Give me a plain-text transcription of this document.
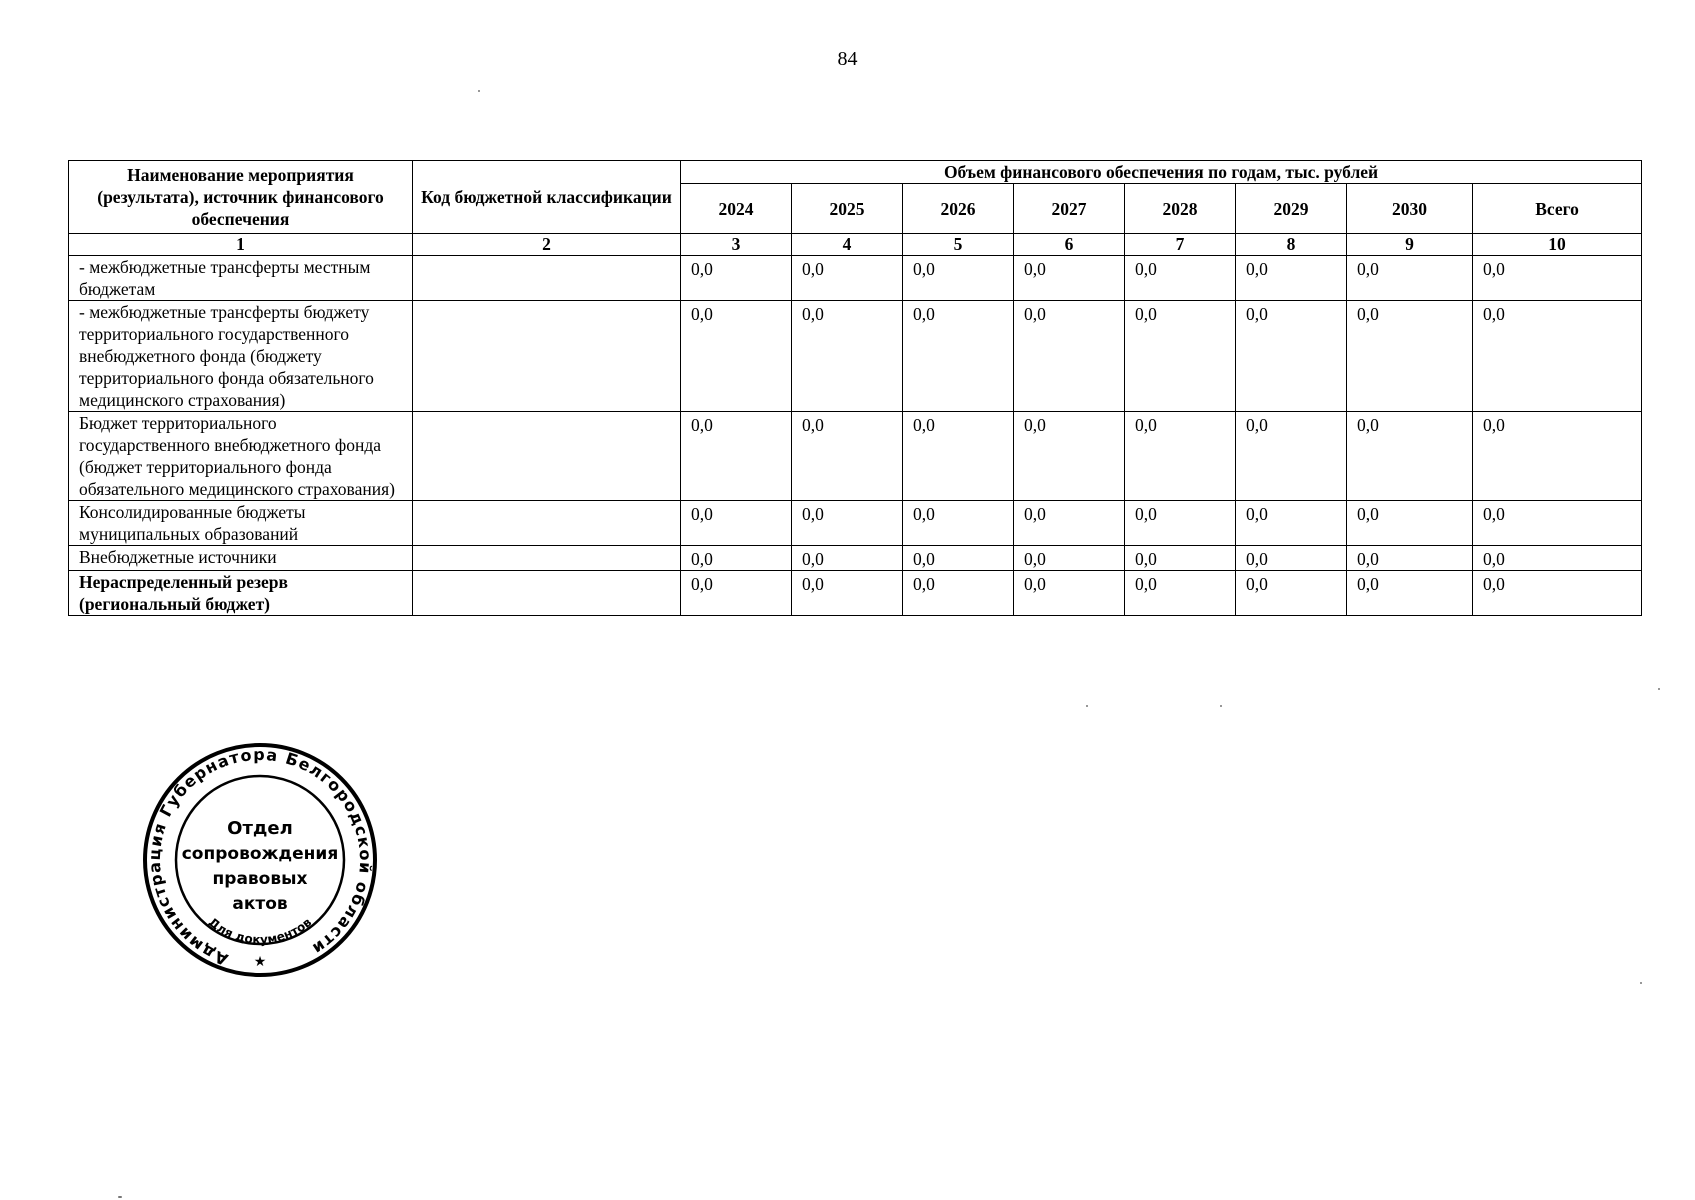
84
Наименование мероприятия (результата), источник финансового обеспечения	Код бюджетной классификации	Объем финансового обеспечения по годам, тыс. рублей							
		2024	2025	2026	2027	2028	2029	2030	Всего
1	2	3	4	5	6	7	8	9	10
- межбюджетные трансферты местным бюджетам		0,0	0,0	0,0	0,0	0,0	0,0	0,0	0,0
- межбюджетные трансферты бюджету территориального государственного внебюджетного фонда (бюджету территориального фонда обязательного медицинского страхования)		0,0	0,0	0,0	0,0	0,0	0,0	0,0	0,0
Бюджет территориального государственного внебюджетного фонда (бюджет территориального фонда обязательного медицинского страхования)		0,0	0,0	0,0	0,0	0,0	0,0	0,0	0,0
Консолидированные бюджеты муниципальных образований		0,0	0,0	0,0	0,0	0,0	0,0	0,0	0,0
Внебюджетные источники		0,0	0,0	0,0	0,0	0,0	0,0	0,0	0,0
Нераспределенный резерв (региональный бюджет)		0,0	0,0	0,0	0,0	0,0	0,0	0,0	0,0
Администрация Губернатора Белгородской области
Отдел
сопровождения
правовых
актов
Для документов
★
